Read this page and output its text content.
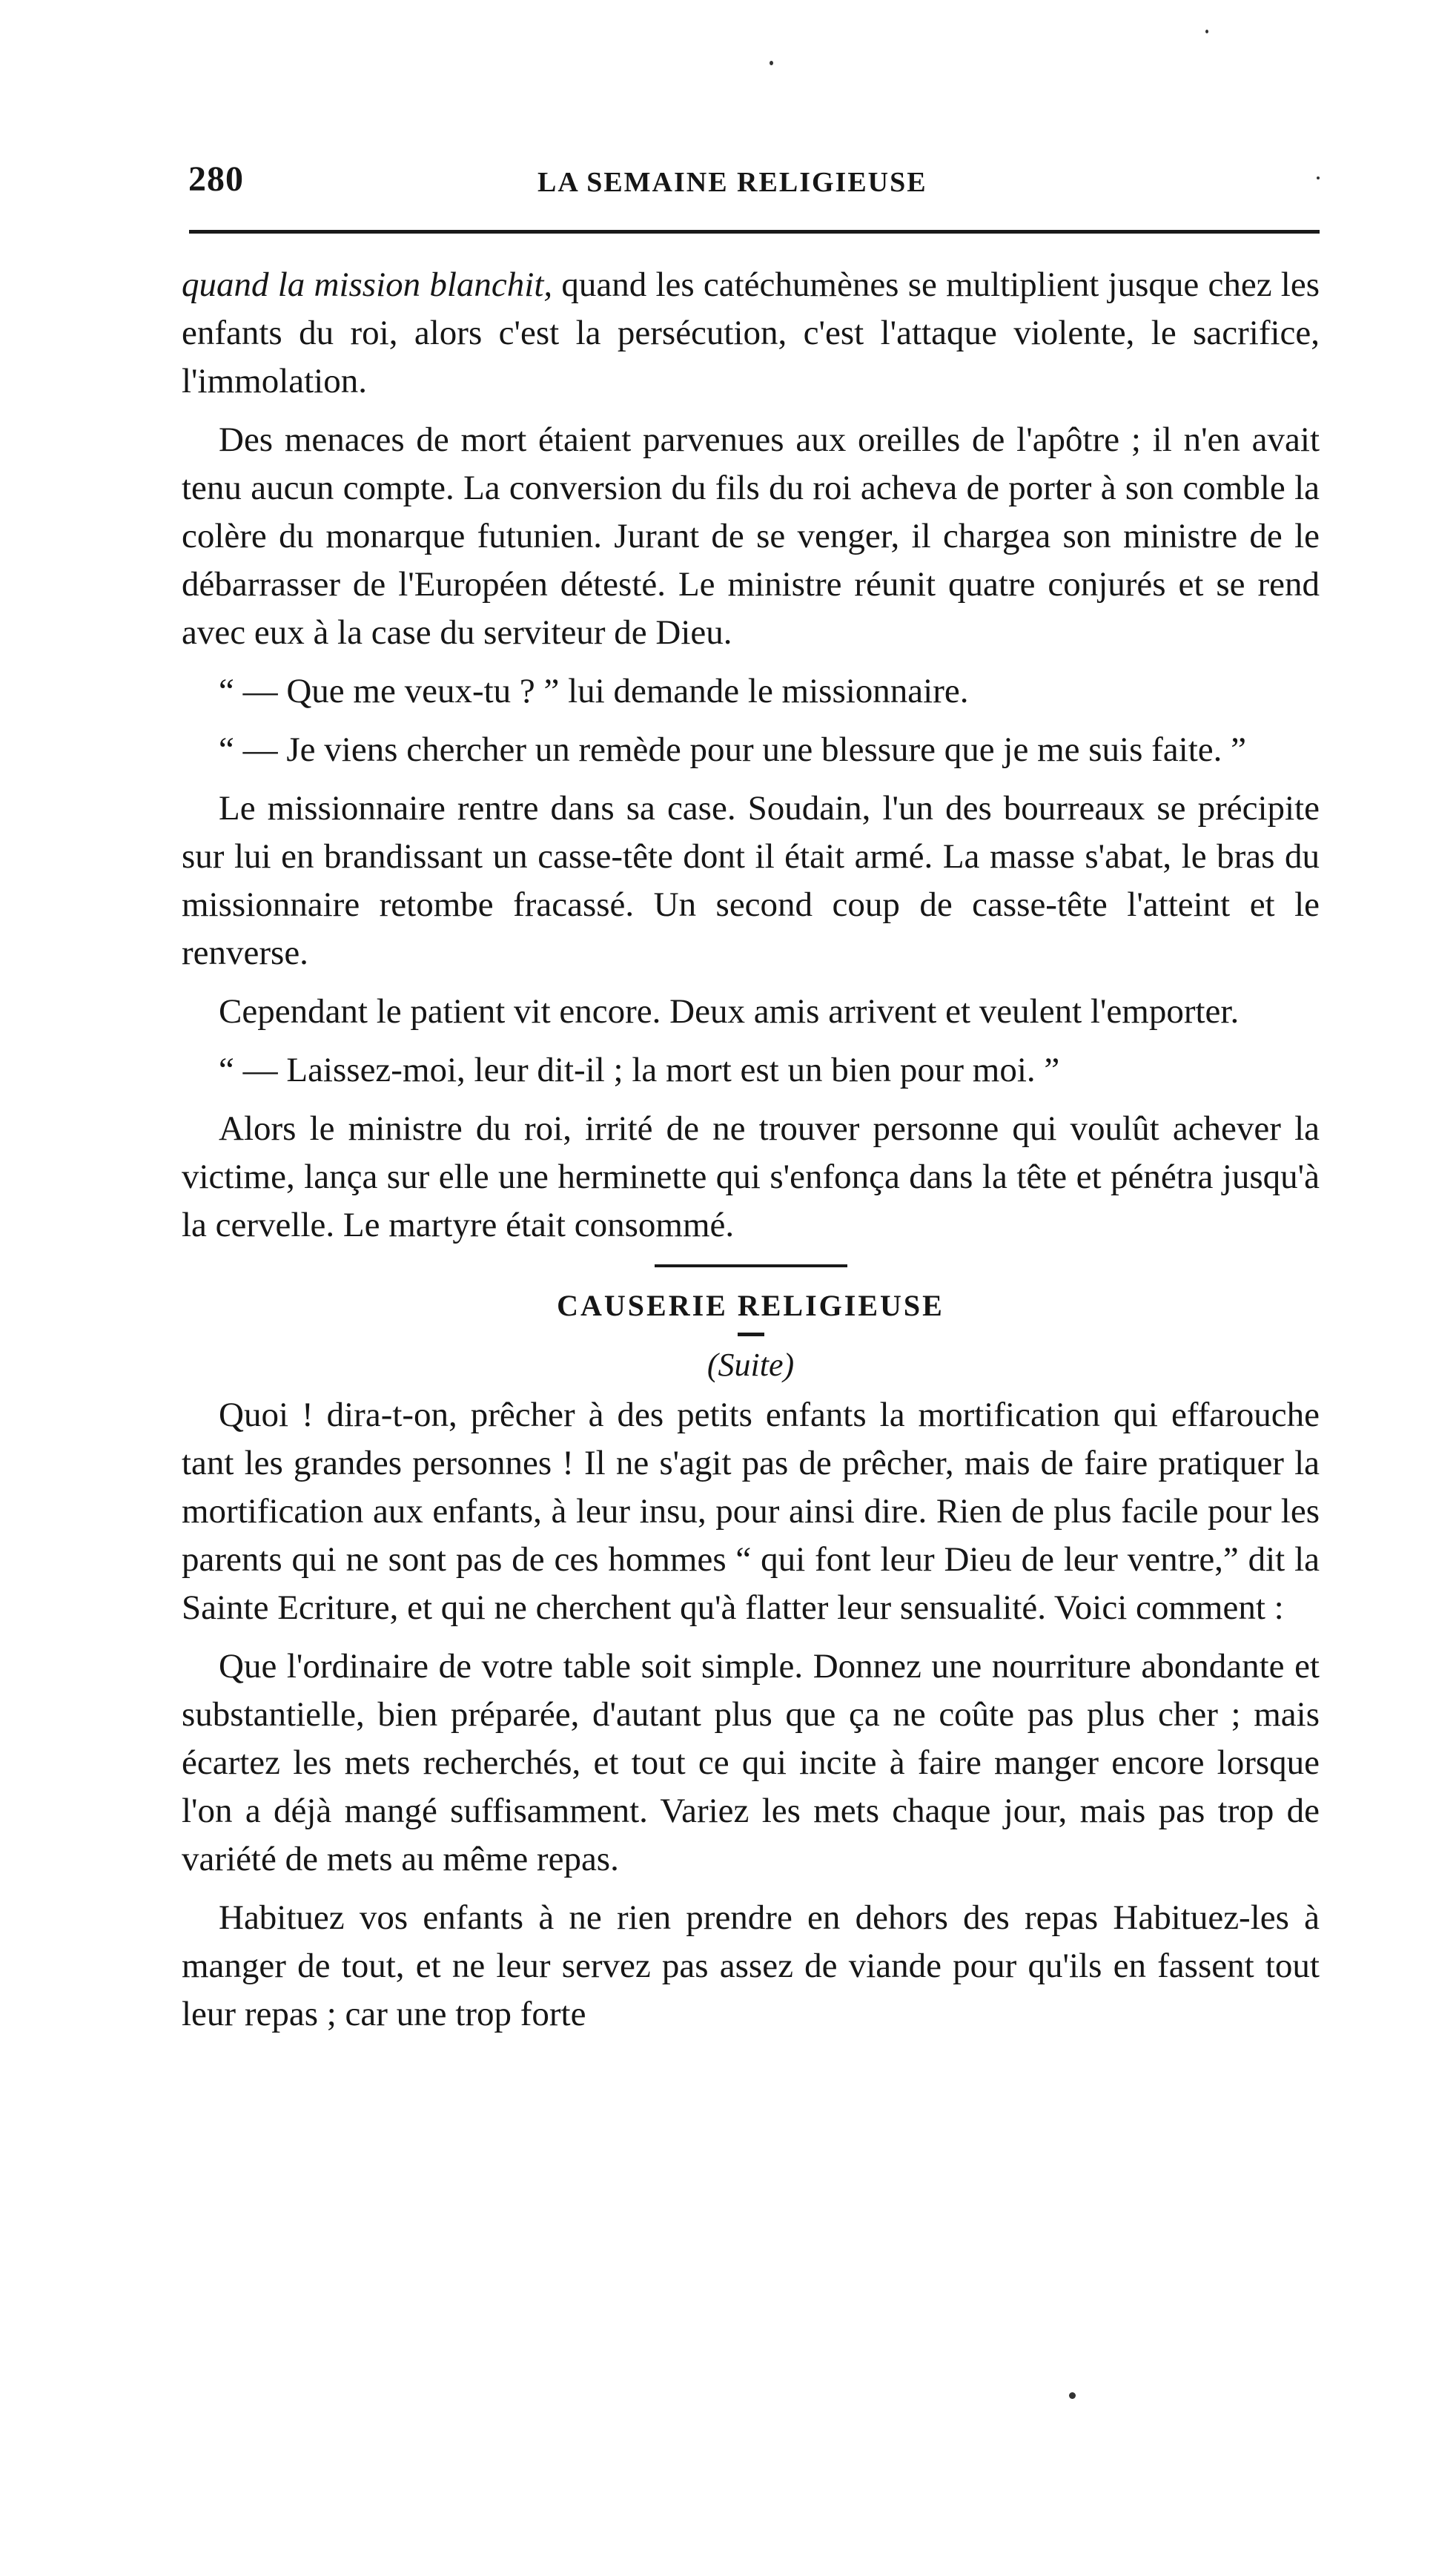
280	LA SEMAINE RELIGIEUSE

quand la mission blanchit, quand les catéchumènes se multiplient jusque chez les enfants du roi, alors c'est la persécution, c'est l'attaque violente, le sacrifice, l'immolation.

Des menaces de mort étaient parvenues aux oreilles de l'apôtre ; il n'en avait tenu aucun compte. La conversion du fils du roi acheva de porter à son comble la colère du monarque futunien. Jurant de se venger, il chargea son ministre de le débarrasser de l'Européen détesté. Le ministre réunit quatre conjurés et se rend avec eux à la case du serviteur de Dieu.

“ — Que me veux-tu ? ” lui demande le missionnaire.

“ — Je viens chercher un remède pour une blessure que je me suis faite. ”

Le missionnaire rentre dans sa case. Soudain, l'un des bourreaux se précipite sur lui en brandissant un casse-tête dont il était armé. La masse s'abat, le bras du missionnaire retombe fracassé. Un second coup de casse-tête l'atteint et le renverse.

Cependant le patient vit encore. Deux amis arrivent et veulent l'emporter.

“ — Laissez-moi, leur dit-il ; la mort est un bien pour moi. ”

Alors le ministre du roi, irrité de ne trouver personne qui voulût achever la victime, lança sur elle une herminette qui s'enfonça dans la tête et pénétra jusqu'à la cervelle. Le martyre était consommé.

CAUSERIE RELIGIEUSE
(Suite)

Quoi ! dira-t-on, prêcher à des petits enfants la mortification qui effarouche tant les grandes personnes ! Il ne s'agit pas de prêcher, mais de faire pratiquer la mortification aux enfants, à leur insu, pour ainsi dire. Rien de plus facile pour les parents qui ne sont pas de ces hommes “ qui font leur Dieu de leur ventre,” dit la Sainte Ecriture, et qui ne cherchent qu'à flatter leur sensualité. Voici comment :

Que l'ordinaire de votre table soit simple. Donnez une nourriture abondante et substantielle, bien préparée, d'autant plus que ça ne coûte pas plus cher ; mais écartez les mets recherchés, et tout ce qui incite à faire manger encore lorsque l'on a déjà mangé suffisamment. Variez les mets chaque jour, mais pas trop de variété de mets au même repas.

Habituez vos enfants à ne rien prendre en dehors des repas Habituez-les à manger de tout, et ne leur servez pas assez de viande pour qu'ils en fassent tout leur repas ; car une trop forte
